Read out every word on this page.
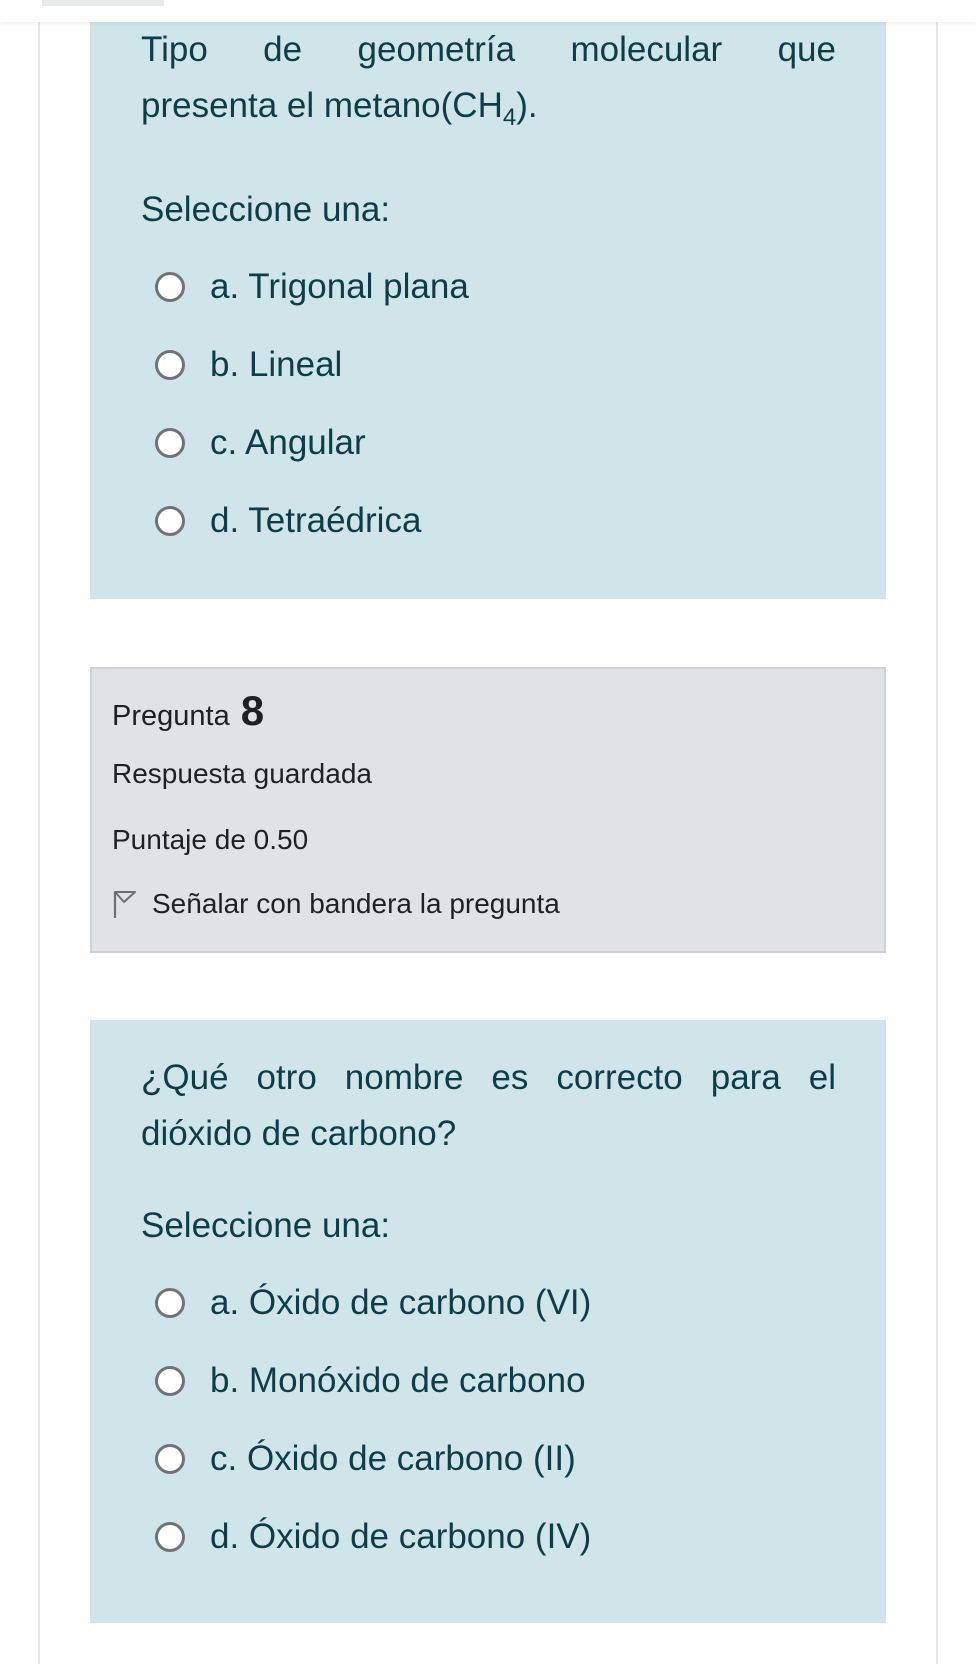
Tipo de geometría molecular que
presenta el $metano(CH_4)$.

Seleccione una:
a. Trigonal plana
b. Lineal
c. Angular
d. Tetraédrica
Pregunta 8
Respuesta guardada
Puntaje de 0.50
Señalar con bandera la pregunta

¿Qué otro nombre es correcto para el
dióxido de carbono?

Seleccione una:
a. Óxido de carbono (VI)
b. Monóxido de carbono
c. Óxido de carbono (II)
d. Óxido de carbono (IV)
